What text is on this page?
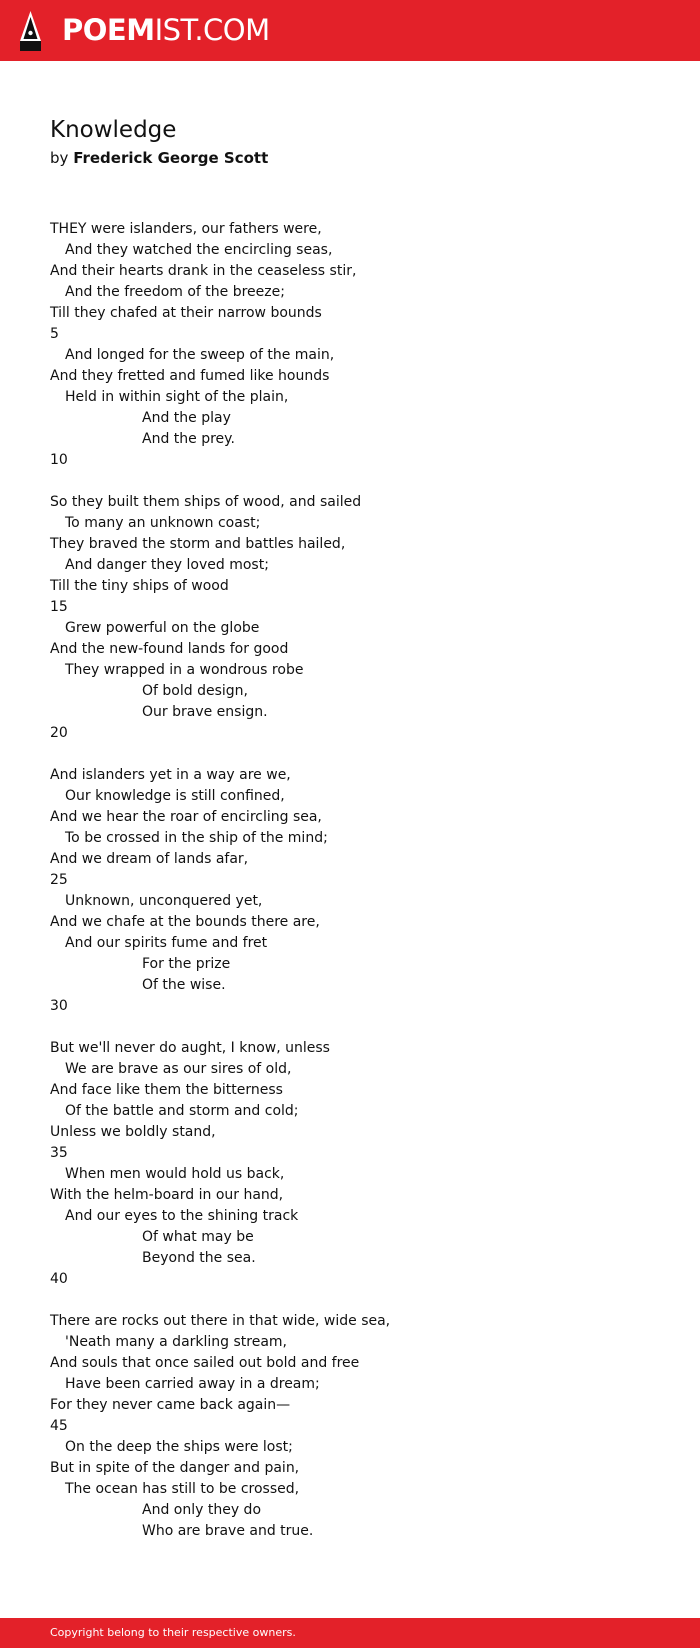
POEMIST.COM
Knowledge
by Frederick George Scott
THEY were islanders, our fathers were,
And they watched the encircling seas,
And their hearts drank in the ceaseless stir,
And the freedom of the breeze;
Till they chafed at their narrow bounds
5
And longed for the sweep of the main,
And they fretted and fumed like hounds
Held in within sight of the plain,
And the play
And the prey.
10
So they built them ships of wood, and sailed
To many an unknown coast;
They braved the storm and battles hailed,
And danger they loved most;
Till the tiny ships of wood
15
Grew powerful on the globe
And the new-found lands for good
They wrapped in a wondrous robe
Of bold design,
Our brave ensign.
20
And islanders yet in a way are we,
Our knowledge is still confined,
And we hear the roar of encircling sea,
To be crossed in the ship of the mind;
And we dream of lands afar,
25
Unknown, unconquered yet,
And we chafe at the bounds there are,
And our spirits fume and fret
For the prize
Of the wise.
30
But we'll never do aught, I know, unless
We are brave as our sires of old,
And face like them the bitterness
Of the battle and storm and cold;
Unless we boldly stand,
35
When men would hold us back,
With the helm-board in our hand,
And our eyes to the shining track
Of what may be
Beyond the sea.
40
There are rocks out there in that wide, wide sea,
'Neath many a darkling stream,
And souls that once sailed out bold and free
Have been carried away in a dream;
For they never came back again—
45
On the deep the ships were lost;
But in spite of the danger and pain,
The ocean has still to be crossed,
And only they do
Who are brave and true.
Copyright belong to their respective owners.
